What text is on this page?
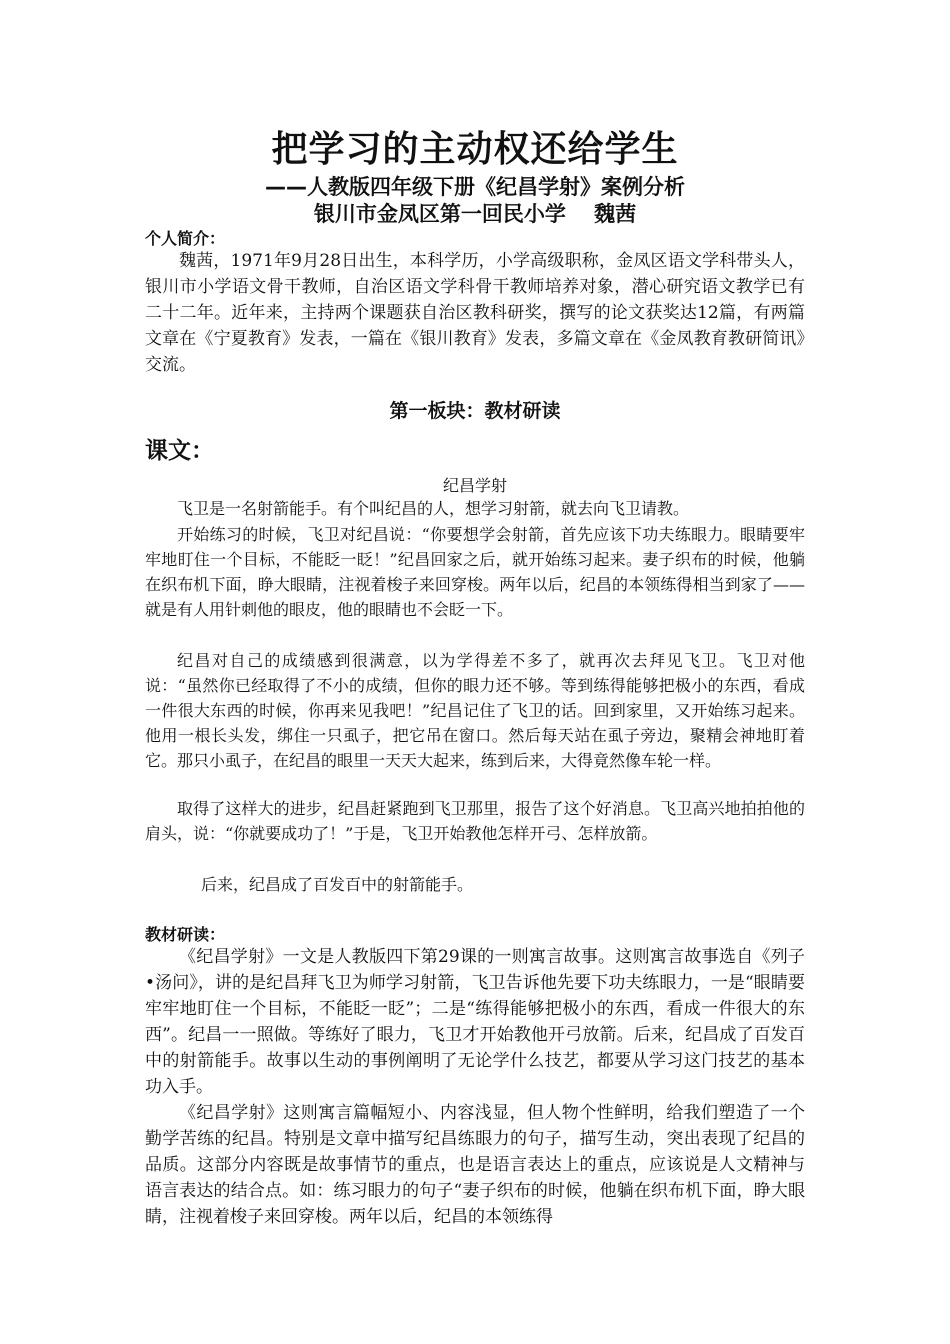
把学习的主动权还给学生
——人教版四年级下册《纪昌学射》案例分析
银川市金凤区第一回民小学　 魏茜
个人简介：

魏茜，1971年9月28日出生，本科学历，小学高级职称，金凤区语文学科带头人，银川市小学语文骨干教师，自治区语文学科骨干教师培养对象，潜心研究语文教学已有二十二年。近年来，主持两个课题获自治区教科研奖，撰写的论文获奖达12篇，有两篇文章在《宁夏教育》发表，一篇在《银川教育》发表，多篇文章在《金凤教育教研简讯》交流。

第一板块：教材研读
课文：
纪昌学射

飞卫是一名射箭能手。有个叫纪昌的人，想学习射箭，就去向飞卫请教。

开始练习的时候，飞卫对纪昌说：“你要想学会射箭，首先应该下功夫练眼力。眼睛要牢牢地盯住一个目标，不能眨一眨！”纪昌回家之后，就开始练习起来。妻子织布的时候，他躺在织布机下面，睁大眼睛，注视着梭子来回穿梭。两年以后，纪昌的本领练得相当到家了——就是有人用针刺他的眼皮，他的眼睛也不会眨一下。

纪昌对自己的成绩感到很满意，以为学得差不多了，就再次去拜见飞卫。飞卫对他说：“虽然你已经取得了不小的成绩，但你的眼力还不够。等到练得能够把极小的东西，看成一件很大东西的时候，你再来见我吧！”纪昌记住了飞卫的话。回到家里，又开始练习起来。他用一根长头发，绑住一只虱子，把它吊在窗口。然后每天站在虱子旁边，聚精会神地盯着它。那只小虱子，在纪昌的眼里一天天大起来，练到后来，大得竟然像车轮一样。

取得了这样大的进步，纪昌赶紧跑到飞卫那里，报告了这个好消息。飞卫高兴地拍拍他的肩头，说：“你就要成功了！”于是，飞卫开始教他怎样开弓、怎样放箭。

后来，纪昌成了百发百中的射箭能手。

教材研读：

《纪昌学射》一文是人教版四下第29课的一则寓言故事。这则寓言故事选自《列子•汤问》，讲的是纪昌拜飞卫为师学习射箭，飞卫告诉他先要下功夫练眼力，一是“眼睛要牢牢地盯住一个目标，不能眨一眨”；二是“练得能够把极小的东西，看成一件很大的东西”。纪昌一一照做。等练好了眼力，飞卫才开始教他开弓放箭。后来，纪昌成了百发百中的射箭能手。故事以生动的事例阐明了无论学什么技艺，都要从学习这门技艺的基本功入手。

《纪昌学射》这则寓言篇幅短小、内容浅显，但人物个性鲜明，给我们塑造了一个勤学苦练的纪昌。特别是文章中描写纪昌练眼力的句子，描写生动，突出表现了纪昌的品质。这部分内容既是故事情节的重点，也是语言表达上的重点，应该说是人文精神与语言表达的结合点。如：练习眼力的句子“妻子织布的时候，他躺在织布机下面，睁大眼睛，注视着梭子来回穿梭。两年以后，纪昌的本领练得
